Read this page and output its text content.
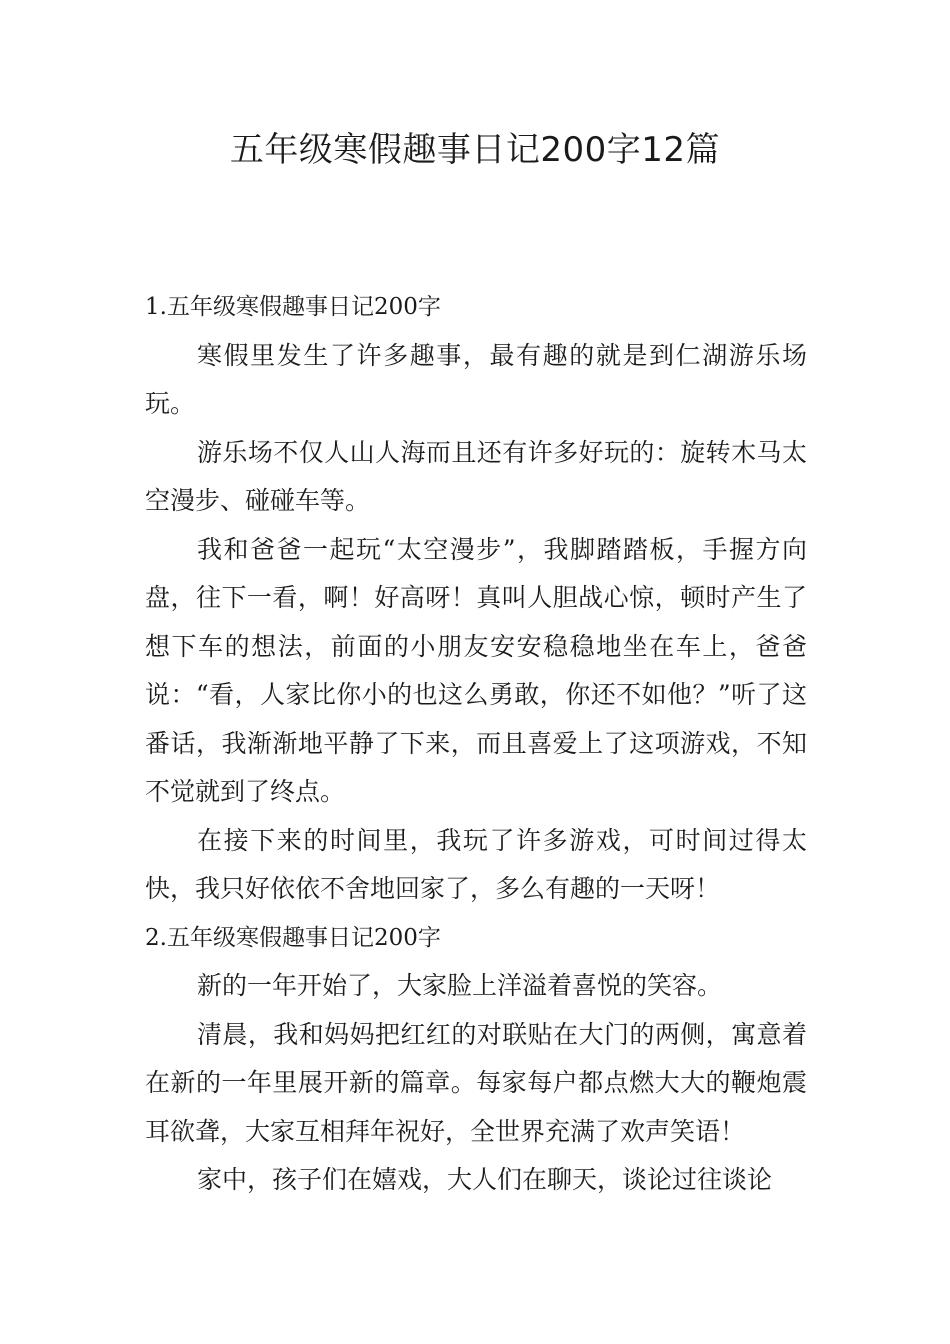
五年级寒假趣事日记200字12篇

1.五年级寒假趣事日记200字

寒假里发生了许多趣事，最有趣的就是到仁湖游乐场玩。

游乐场不仅人山人海而且还有许多好玩的：旋转木马太空漫步、碰碰车等。

我和爸爸一起玩“太空漫步”，我脚踏踏板，手握方向盘，往下一看，啊！好高呀！真叫人胆战心惊，顿时产生了想下车的想法，前面的小朋友安安稳稳地坐在车上，爸爸说：“看，人家比你小的也这么勇敢，你还不如他？”听了这番话，我渐渐地平静了下来，而且喜爱上了这项游戏，不知不觉就到了终点。

在接下来的时间里，我玩了许多游戏，可时间过得太快，我只好依依不舍地回家了，多么有趣的一天呀！

2.五年级寒假趣事日记200字

新的一年开始了，大家脸上洋溢着喜悦的笑容。

清晨，我和妈妈把红红的对联贴在大门的两侧，寓意着在新的一年里展开新的篇章。每家每户都点燃大大的鞭炮震耳欲聋，大家互相拜年祝好，全世界充满了欢声笑语！

家中，孩子们在嬉戏，大人们在聊天，谈论过往谈论
